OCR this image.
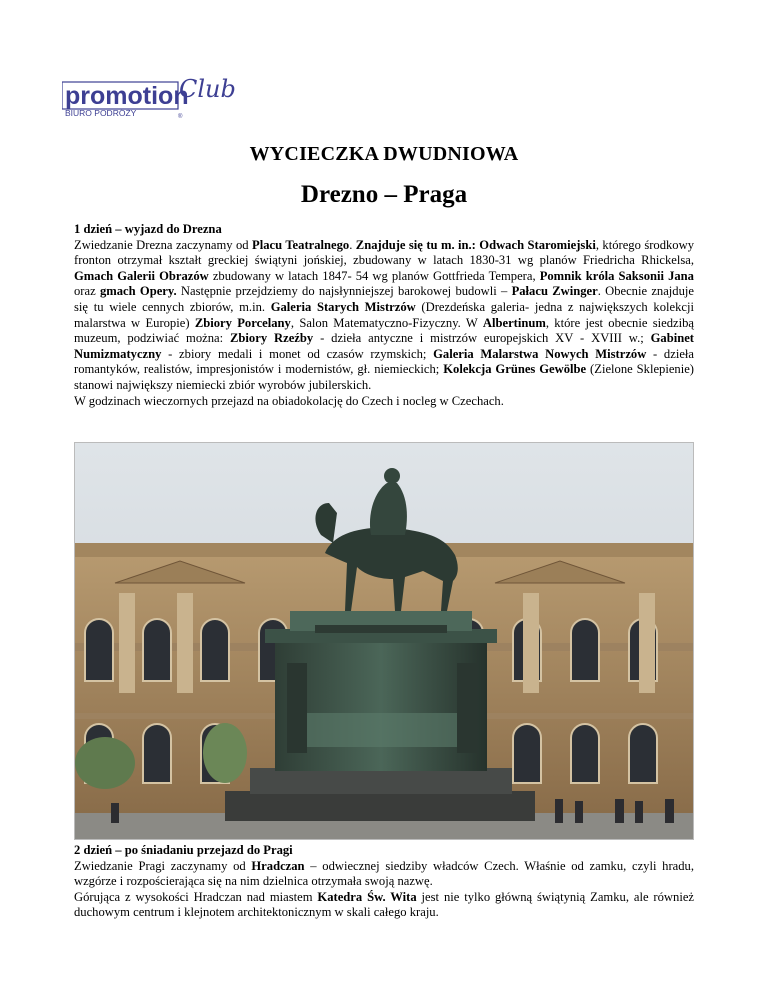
promotion
Club
BIURO PODRÓŻY	®
WYCIECZKA DWUDNIOWA
Drezno – Praga

1 dzień – wyjazd do Drezna

Zwiedzanie Drezna zaczynamy od Placu Teatralnego. Znajduje się tu m. in.: Odwach Staromiejski, którego środkowy fronton otrzymał kształt greckiej świątyni jońskiej, zbudowany w latach 1830-31 wg planów Friedricha Rhickelsa, Gmach Galerii Obrazów zbudowany w latach 1847- 54 wg planów Gottfrieda Tempera, Pomnik króla Saksonii Jana oraz gmach Opery. Następnie przejdziemy do najsłynniejszej barokowej budowli – Pałacu Zwinger. Obecnie znajduje się tu wiele cennych zbiorów, m.in. Galeria Starych Mistrzów (Drezdeńska galeria- jedna z największych kolekcji malarstwa w Europie) Zbiory Porcelany, Salon Matematyczno-Fizyczny. W Albertinum, które jest obecnie siedzibą muzeum, podziwiać można: Zbiory Rzeźby - dzieła antyczne i mistrzów europejskich XV - XVIII w.; Gabinet Numizmatyczny - zbiory medali i monet od czasów rzymskich; Galeria Malarstwa Nowych Mistrzów - dzieła romantyków, realistów, impresjonistów i modernistów, gł. niemieckich; Kolekcja Grünes Gewölbe (Zielone Sklepienie) stanowi największy niemiecki zbiór wyrobów jubilerskich.

W godzinach wieczornych przejazd na obiadokolację do Czech i nocleg w Czechach.

2 dzień – po śniadaniu przejazd do Pragi

Zwiedzanie Pragi zaczynamy od Hradczan – odwiecznej siedziby władców Czech. Właśnie od zamku, czyli hradu, wzgórze i rozpościerająca się na nim dzielnica otrzymała swoją nazwę.

Górująca z wysokości Hradczan nad miastem Katedra Św. Wita jest nie tylko główną świątynią Zamku, ale również duchowym centrum i klejnotem architektonicznym w skali całego kraju.
